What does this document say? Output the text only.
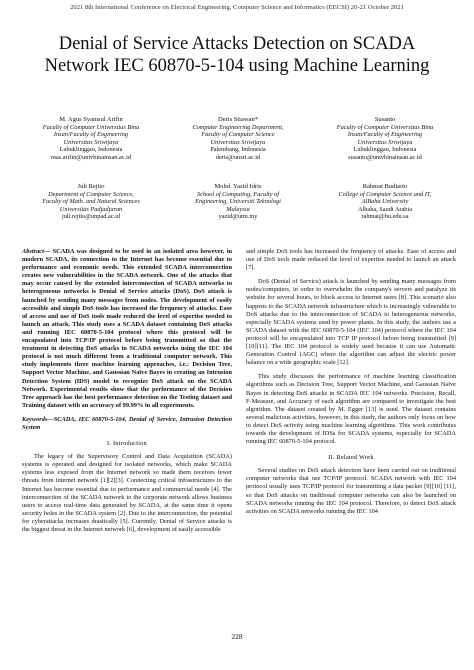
2021 8th International Conference on Electrical Engineering, Computer Science and Informatics (EECSI) 20-21 October 2021
Denial of Service Attacks Detection on SCADA
Network IEC 60870-5-104 using Machine Learning
M. Agus Syamsul Arifin
Faculty of Computer Universitas Bina
Insan/Faculty of Engineering
Universitas Sriwijaya
Lubuklinggau, Indonesia
mas.arifin@univbinainsan.ac.id
Deris Stiawan*
Computer Engineering Department,
Faculty of Computer Science
Universitas Sriwijaya
Palembang, Indonesia
deris@unsri.ac.id
Susanto
Faculty of Computer Universitas Bina
Insan/Faculty of Engineering
Universitas Sriwijaya
Lubuklinggau, Indonesia
susanto@univbinainsan.ac.id
Juli Rejito
Department of Computer Science,
Faculty of Math. and Natural Sciences
Universitas Padjadjaran
juli.rejito@unpad.ac.id
Mohd. Yazid Idris
School of Computing, Faculty of
Engineering, Universiti Teknologi
Malaysia
yazid@utm.my
Rahmat Budiarto
College of Computer Science and IT,
AlBaha University
Albaha, Saudi Arabia
rahmat@bu.edu.sa
Abstract— SCADA was designed to be used in an isolated area however, in modern SCADA, its connection to the Internet has become essential due to performance and economic needs. This extended SCADA interconnection creates new vulnerabilities in the SCADA network. One of the attacks that may occur caused by the extended interconnection of SCADA networks to heterogeneous networks is Denial of Service attacks (DoS). DoS attack is launched by sending many messages from nodes. The development of easily accessible and simple DoS tools has increased the frequency of attacks. Ease of access and use of DoS tools made reduced the level of expertise needed to launch an attack. This study uses a SCADA dataset containing DoS attacks and running IEC 60870-5-104 protocol where this protocol will be encapsulated into TCP/IP protocol before being transmitted so that the treatment in detecting DoS attacks in SCADA networks using the IEC 104 protocol is not much different from a traditional computer network. This study implements three machine learning approaches, i.e.: Decision Tree, Support Vector Machine, and Gaussian Naïve Bayes in creating an Intrusion Detection System (IDS) model to recognize DoS attack on the SCADA Network. Experimental results show that the performance of the Decision Tree approach has the best performance detection on the Testing dataset and Training dataset with an accuracy of 99.99% in all experiments.
Keywords—SCADA, IEC 60870-5-104, Denial of Service, Intrusion Detection System
I. Introduction
The legacy of the Supervisory Control and Data Acquisition (SCADA) systems is operated and designed for isolated networks, which make SCADA systems less exposed from the Internet network so made them receives fewer threats from internet network [1][2][3]. Connecting critical infrastructures to the Internet has become essential due to performance and commercial needs [4]. The interconnection of the SCADA network to the corporate network allows business users to access real-time data generated by SCADA, at the same time it opens security holes in the SCADA system [2]. Due to the interconnection, the potential for cyberattacks increases drastically [5]. Currently, Denial of Service attacks is the biggest threat in the Internet network [6], development of easily accessible
and simple DoS tools has increased the frequency of attacks. Ease of access and use of DoS tools made reduced the level of expertise needed to launch an attack [7].
DoS (Denial of Service) attack is launched by sending many messages from nodes/computers, in order to overwhelm the company's servers and paralyze its website for several hours, to block access to Internet users [8]. This scenario also happens to the SCADA network infrastructure which is increasingly vulnerable to DoS attacks due to the interconnection of SCADA to heterogeneous networks, especially SCADA systems used by power plants. In this study, the authors use a SCADA dataset with the IEC 60870-5-104 (IEC 104) protocol where the IEC 104 protocol will be encapsulated into TCP IP protocol before being transmitted [9][10][11]. The IEC 104 protocol is widely used because it can use Automatic Generation Control (AGC) where the algorithm can adjust the electric power balance on a wide geographic scale [12].
This study discusses the performance of machine learning classification algorithms such as Decision Tree, Support Vector Machine, and Gaussian Naïve Bayes in detecting DoS attacks in SCADA IEC 104 networks. Precision, Recall, F-Measure, and Accuracy of each algorithm are compared to investigate the best algorithm. The dataset created by M. Egger [13] is used. The dataset contains several malicious activities, however, in this study, the authors only focus on how to detect DoS activity using machine learning algorithms. This work contributes towards the development of IDSs for SCADA systems, especially for SCADA running IEC 60870-5-104 protocol.
II. Related Work
Several studies on DoS attack detection have been carried out on traditional computer networks that use TCP/IP protocol. SCADA network with IEC 104 protocol usually uses TCP/IP protocol for transmitting a data packet [9][10] [11], so that DoS attacks on traditional computer networks can also be launched on SCADA networks running the IEC 104 protocol. Therefore, to detect DoS attack activities on SCADA networks running the IEC 104
228
